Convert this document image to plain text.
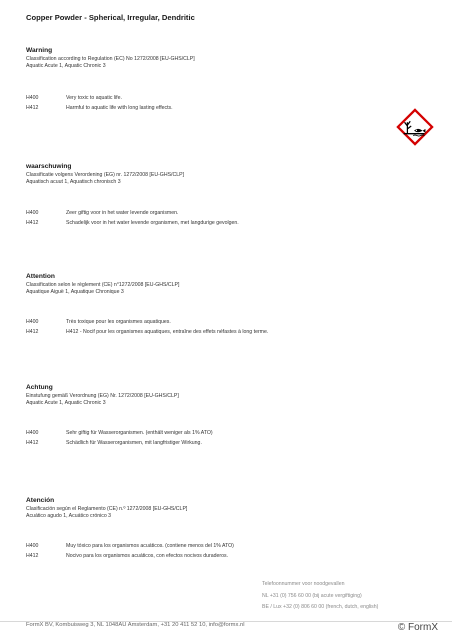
Copper Powder - Spherical, Irregular, Dendritic
Warning
Classification according to Regulation (EC) No 1272/2008 [EU-GHS/CLP]
Aquatic Acute 1, Aquatic Chronic 3
H400	Very toxic to aquatic life.
H412	Harmful to aquatic life with long lasting effects.
waarschuwing
Classificatie volgens Verordening (EG) nr. 1272/2008 [EU-GHS/CLP]
Aquatisch acuut 1, Aquatisch chronisch 3
H400	Zeer giftig voor in het water levende organismen.
H412	Schadelijk voor in het water levende organismen, met langdurige gevolgen.
Attention
Classification selon le règlement (CE) n°1272/2008 [EU-GHS/CLP]
Aquatique Aiguë 1, Aquatique Chronique 3
H400	Très toxique pour les organismes aquatiques.
H412	H412 - Nocif pour les organismes aquatiques, entraîne des effets néfastes à long terme.
Achtung
Einstufung gemäß Verordnung (EG) Nr. 1272/2008 [EU-GHS/CLP]
Aquatic Acute 1, Aquatic Chronic 3
H400	Sehr giftig für Wasserorganismen. (enthält weniger als 1% ATO)
H412	Schädlich für Wasserorganismen, mit langfristiger Wirkung.
Atención
Clasificación según el Reglamento (CE) n.º 1272/2008 [EU-GHS/CLP]
Acuático agudo 1, Acuático crónico 3
H400	Muy tóxico para los organismos acuáticos. (contiene menos del 1% ATO)
H412	Nocivo para los organismos acuáticos, con efectos nocivos duraderos.
Telefoonnummer voor noodgevallen
NL +31 (0) 756 60 00 (bij acute vergiftiging)
BE / Lux +32 (0) 806 60 00 (french, dutch, english)
FormX BV, Kombuisweg 3, NL 1048AU Amsterdam, +31 20 411 52 10, info@formx.nl	© FormX
